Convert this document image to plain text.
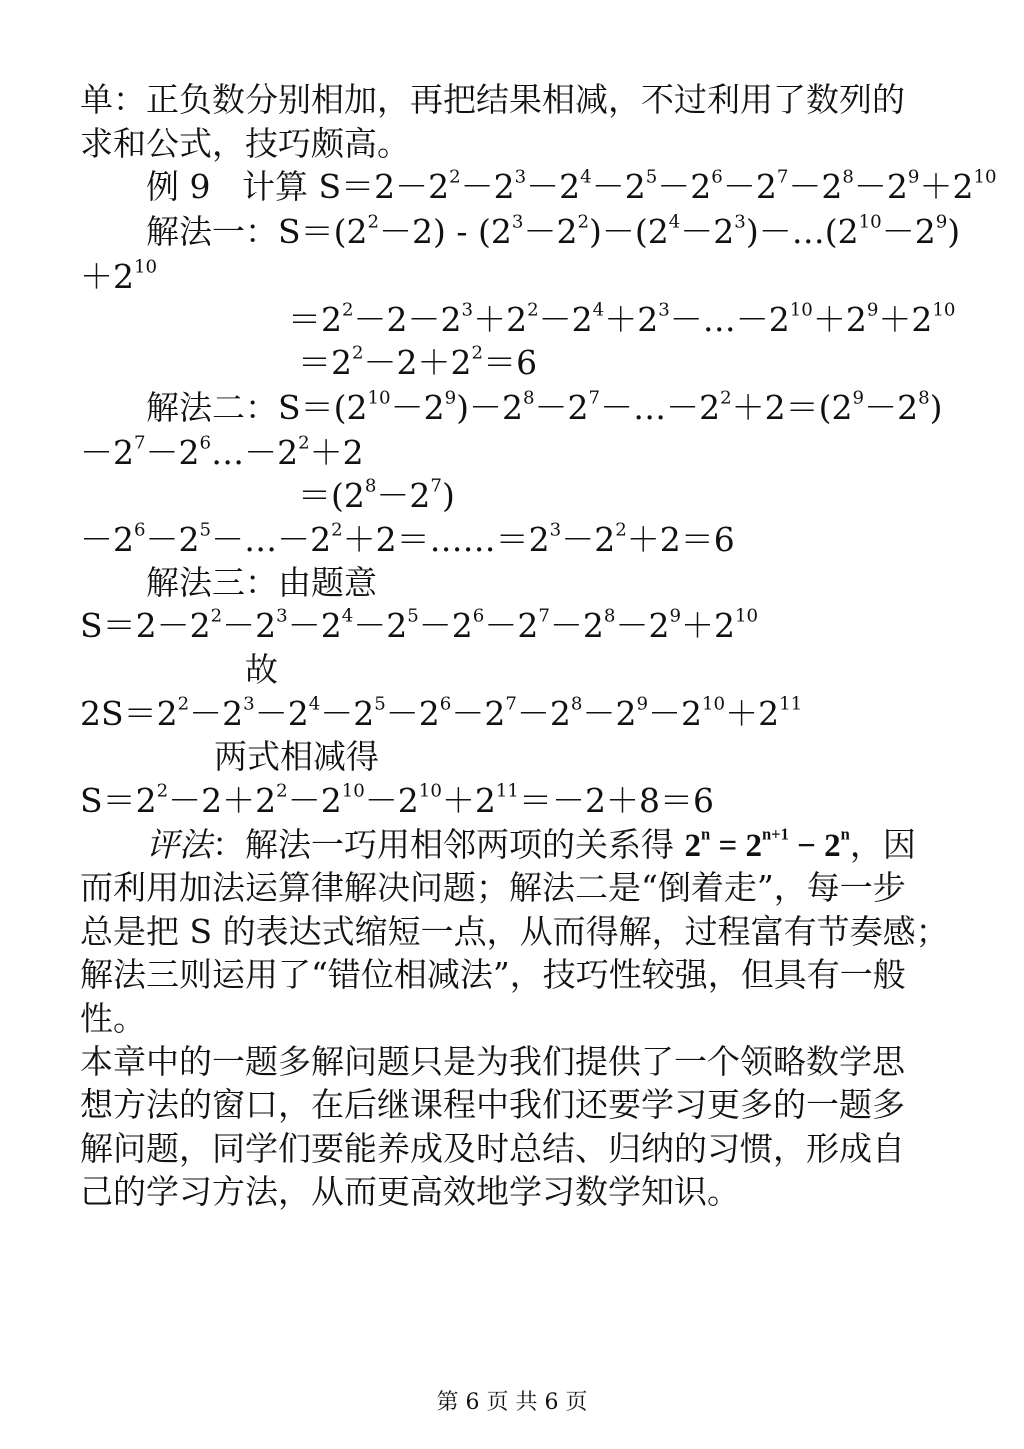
单：正负数分别相加，再把结果相减，不过利用了数列的
求和公式，技巧颇高。
例 9 计算 $S=2-2^2-2^3-2^4-2^5-2^6-2^7-2^8-2^9+2^{10}$
解法一：$S=(2^2-2)$ - $(2^3-2^2)-(2^4-2^3)-\dots(2^{10}-2^9)$
$+2^{10}$
$=2^2-2-2^3+2^2-2^4+2^3-\dots-2^{10}+2^9+2^{10}$
$=2^2-2+2^2=6$
解法二：$S=(2^{10}-2^9)-2^8-2^7-\dots-2^2+2=(2^9-2^8)$
$-2^7-2^6\dots-2^2+2$
$=(2^8-2^7)$
$-2^6-2^5-\dots-2^2+2=\dots\dots=2^3-2^2+2=6$
解法三：由题意
$S=2-2^2-2^3-2^4-2^5-2^6-2^7-2^8-2^9+2^{10}$
故
$2S=2^2-2^3-2^4-2^5-2^6-2^7-2^8-2^9-2^{10}+2^{11}$
两式相减得
$S=2^2-2+2^2-2^{10}-2^{10}+2^{11}=-2+8=6$
评法：解法一巧用相邻两项的关系得 $2^n = 2^{n+1} - 2^n$，因
而利用加法运算律解决问题；解法二是“倒着走”，每一步
总是把 S 的表达式缩短一点，从而得解，过程富有节奏感；
解法三则运用了“错位相减法”，技巧性较强，但具有一般
性。
本章中的一题多解问题只是为我们提供了一个领略数学思
想方法的窗口，在后继课程中我们还要学习更多的一题多
解问题，同学们要能养成及时总结、归纳的习惯，形成自
己的学习方法，从而更高效地学习数学知识。
第 6 页 共 6 页
